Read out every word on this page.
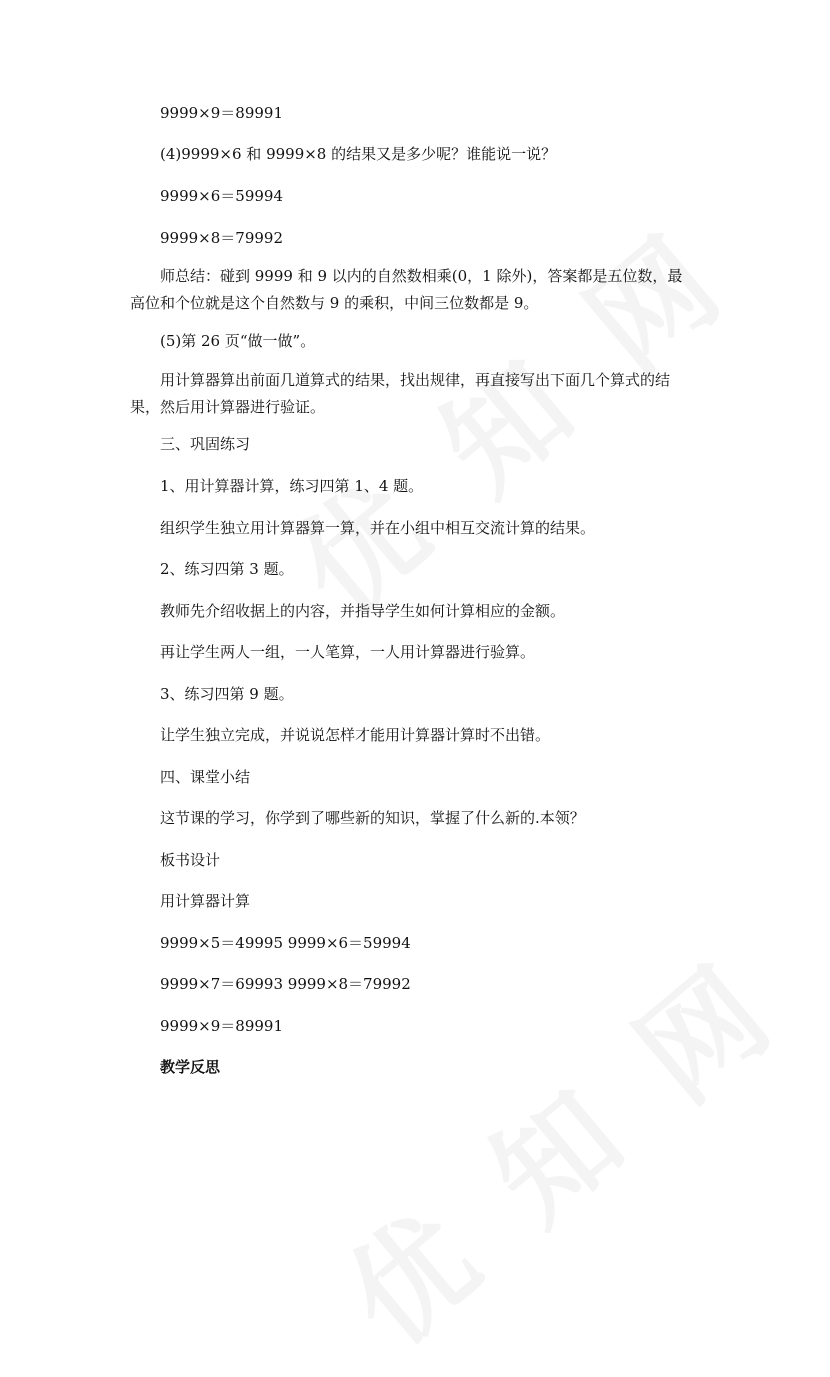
9999×9＝89991
(4)9999×6 和 9999×8 的结果又是多少呢？谁能说一说？
9999×6＝59994
9999×8＝79992
师总结：碰到 9999 和 9 以内的自然数相乘(0，1 除外)，答案都是五位数，最高位和个位就是这个自然数与 9 的乘积，中间三位数都是 9。
(5)第 26 页“做一做”。
用计算器算出前面几道算式的结果，找出规律，再直接写出下面几个算式的结果，然后用计算器进行验证。
三、巩固练习
1、用计算器计算，练习四第 1、4 题。
组织学生独立用计算器算一算，并在小组中相互交流计算的结果。
2、练习四第 3 题。
教师先介绍收据上的内容，并指导学生如何计算相应的金额。
再让学生两人一组，一人笔算，一人用计算器进行验算。
3、练习四第 9 题。
让学生独立完成，并说说怎样才能用计算器计算时不出错。
四、课堂小结
这节课的学习，你学到了哪些新的知识，掌握了什么新的.本领？
板书设计
用计算器计算
9999×5＝49995 9999×6＝59994
9999×7＝69993 9999×8＝79992
9999×9＝89991
教学反思
